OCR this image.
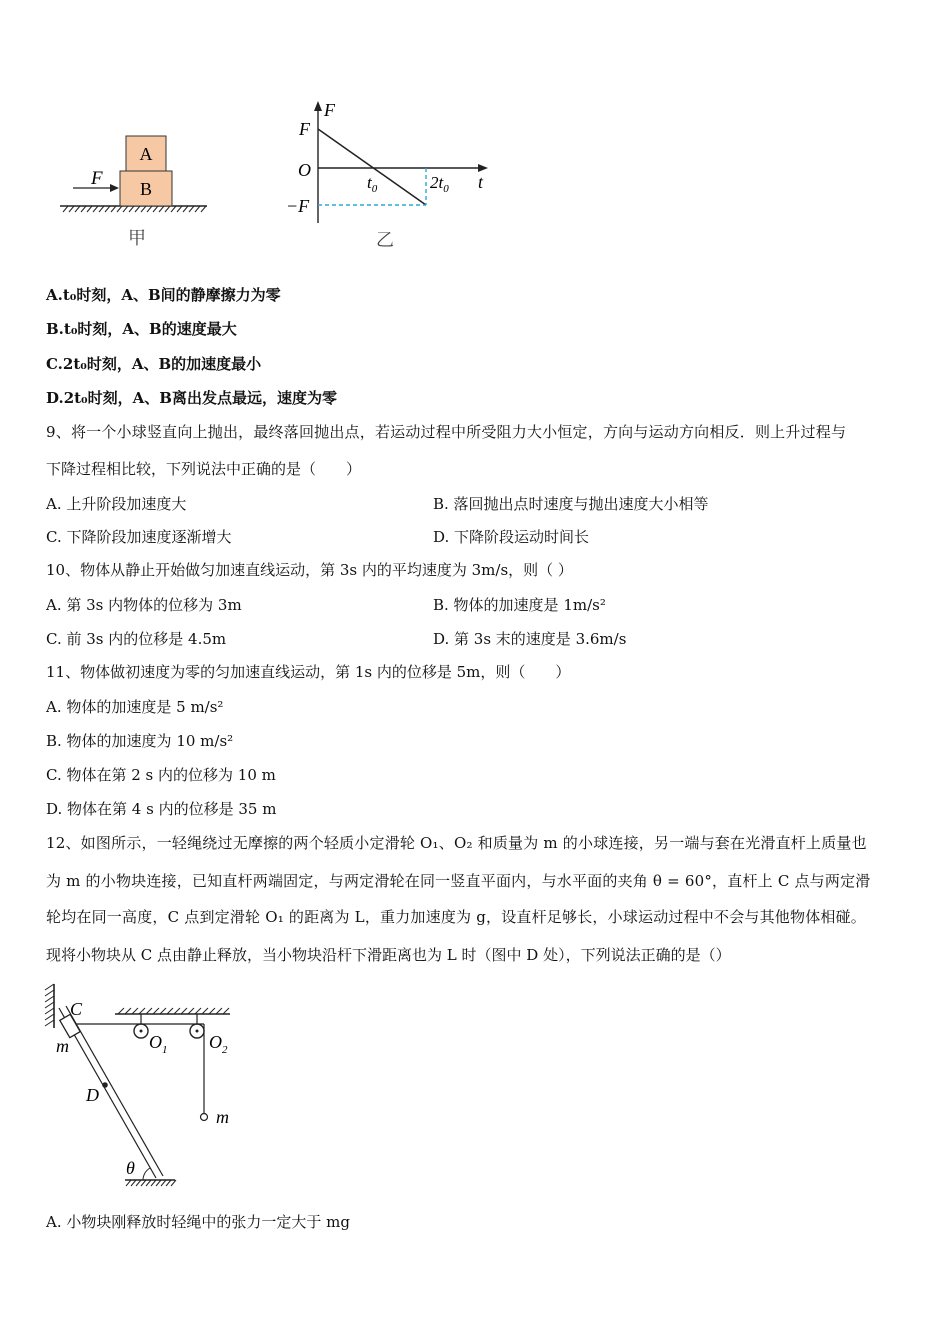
A
B
F
甲
F
F
O
−F
$t_0$	$2t_0$ t
乙
A.t₀时刻，A、B间的静摩擦力为零
B.t₀时刻，A、B的速度最大
C.2t₀时刻，A、B的加速度最小
D.2t₀时刻，A、B离出发点最远，速度为零
9、将一个小球竖直向上抛出，最终落回抛出点，若运动过程中所受阻力大小恒定，方向与运动方向相反．则上升过程与
下降过程相比较，下列说法中正确的是（　　）
A. 上升阶段加速度大	B. 落回抛出点时速度与抛出速度大小相等
C. 下降阶段加速度逐渐增大	D. 下降阶段运动时间长
10、物体从静止开始做匀加速直线运动，第 3s 内的平均速度为 3m/s，则（ ）
A. 第 3s 内物体的位移为 3m	B. 物体的加速度是 1m/s²
C. 前 3s 内的位移是 4.5m	D. 第 3s 末的速度是 3.6m/s
11、物体做初速度为零的匀加速直线运动，第 1s 内的位移是 5m，则（　　）
A. 物体的加速度是 5 m/s²
B. 物体的加速度为 10 m/s²
C. 物体在第 2 s 内的位移为 10 m
D. 物体在第 4 s 内的位移是 35 m
12、如图所示，一轻绳绕过无摩擦的两个轻质小定滑轮 O₁、O₂ 和质量为 m 的小球连接，另一端与套在光滑直杆上质量也
为 m 的小物块连接，已知直杆两端固定，与两定滑轮在同一竖直平面内，与水平面的夹角 θ = 60°，直杆上 C 点与两定滑
轮均在同一高度，C 点到定滑轮 O₁ 的距离为 L，重力加速度为 g，设直杆足够长，小球运动过程中不会与其他物体相碰。
现将小物块从 C 点由静止释放，当小物块沿杆下滑距离也为 L 时（图中 D 处），下列说法正确的是（）
C
m	$O_1$ $O_2$
D
m
θ
A. 小物块刚释放时轻绳中的张力一定大于 mg
